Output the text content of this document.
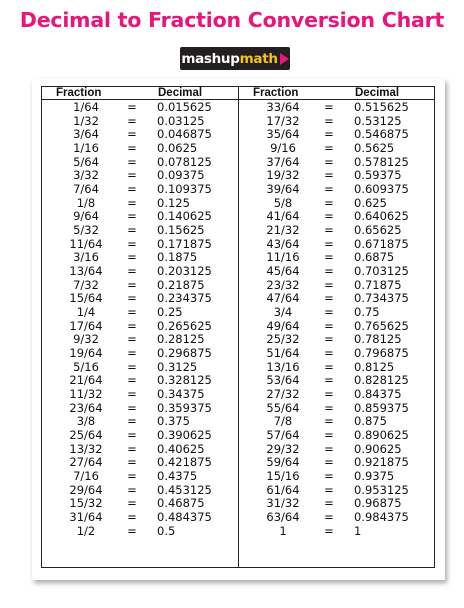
Decimal to Fraction Conversion Chart
mashup math
Fraction	Decimal
1/64	= 0.015625
1/32	= 0.03125
3/64	= 0.046875
1/16	= 0.0625
5/64	= 0.078125
3/32	= 0.09375
7/64	= 0.109375
1/8	= 0.125
9/64	= 0.140625
5/32	= 0.15625
11/64	= 0.171875
3/16	= 0.1875
13/64	= 0.203125
7/32	= 0.21875
15/64	= 0.234375
1/4	= 0.25
17/64	= 0.265625
9/32	= 0.28125
19/64	= 0.296875
5/16	= 0.3125
21/64	= 0.328125
11/32	= 0.34375
23/64	= 0.359375
3/8	= 0.375
25/64	= 0.390625
13/32	= 0.40625
27/64	= 0.421875
7/16	= 0.4375
29/64	= 0.453125
15/32	= 0.46875
31/64	= 0.484375
1/2	= 0.5
Fraction	Decimal
33/64	= 0.515625
17/32	= 0.53125
35/64	= 0.546875
9/16	= 0.5625
37/64	= 0.578125
19/32	= 0.59375
39/64	= 0.609375
5/8	= 0.625
41/64	= 0.640625
21/32	= 0.65625
43/64	= 0.671875
11/16	= 0.6875
45/64	= 0.703125
23/32	= 0.71875
47/64	= 0.734375
3/4	= 0.75
49/64	= 0.765625
25/32	= 0.78125
51/64	= 0.796875
13/16	= 0.8125
53/64	= 0.828125
27/32	= 0.84375
55/64	= 0.859375
7/8	= 0.875
57/64	= 0.890625
29/32	= 0.90625
59/64	= 0.921875
15/16	= 0.9375
61/64	= 0.953125
31/32	= 0.96875
63/64	= 0.984375
1	= 1
